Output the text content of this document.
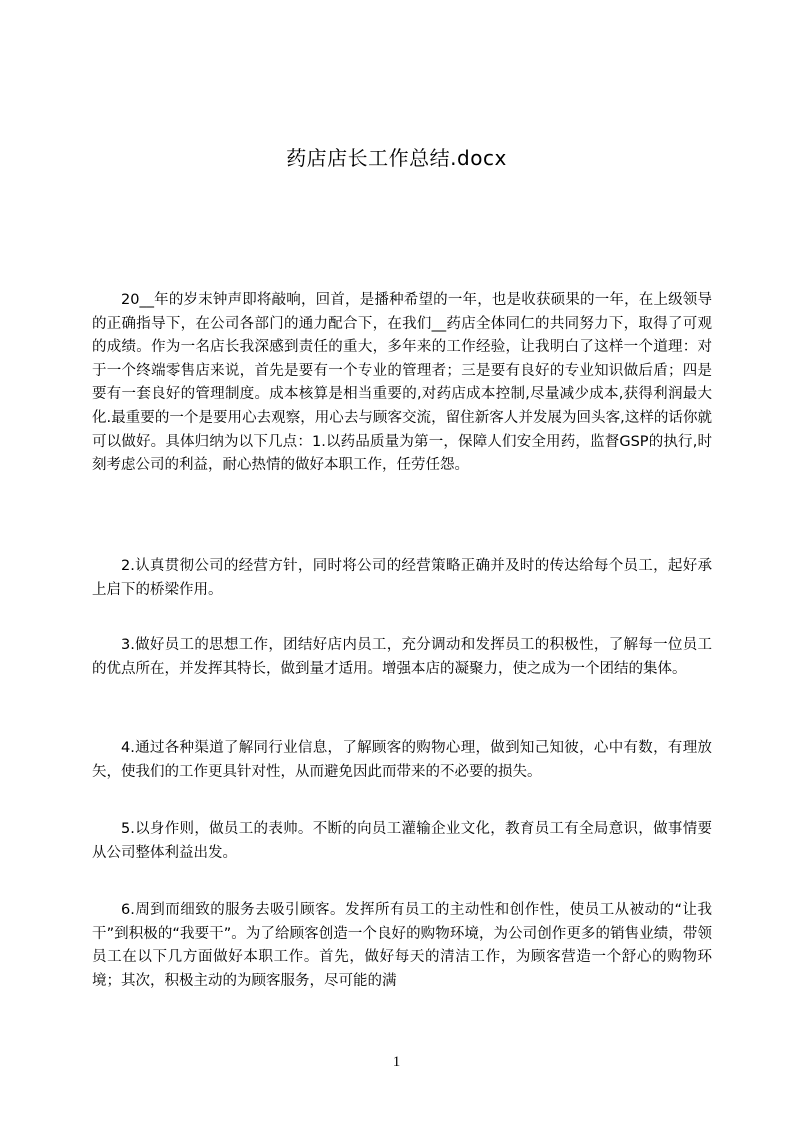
药店店长工作总结.docx

20__年的岁末钟声即将敲响，回首，是播种希望的一年，也是收获硕果的一年，在上级领导的正确指导下，在公司各部门的通力配合下，在我们__药店全体同仁的共同努力下，取得了可观的成绩。作为一名店长我深感到责任的重大，多年来的工作经验，让我明白了这样一个道理：对于一个终端零售店来说，首先是要有一个专业的管理者；三是要有良好的专业知识做后盾；四是要有一套良好的管理制度。成本核算是相当重要的,对药店成本控制,尽量减少成本,获得利润最大化.最重要的一个是要用心去观察，用心去与顾客交流，留住新客人并发展为回头客,这样的话你就可以做好。具体归纳为以下几点：1.以药品质量为第一，保障人们安全用药，监督GSP的执行,时刻考虑公司的利益，耐心热情的做好本职工作，任劳任怨。

2.认真贯彻公司的经营方针，同时将公司的经营策略正确并及时的传达给每个员工，起好承上启下的桥梁作用。

3.做好员工的思想工作，团结好店内员工，充分调动和发挥员工的积极性，了解每一位员工的优点所在，并发挥其特长，做到量才适用。增强本店的凝聚力，使之成为一个团结的集体。

4.通过各种渠道了解同行业信息，了解顾客的购物心理，做到知己知彼，心中有数，有理放矢，使我们的工作更具针对性，从而避免因此而带来的不必要的损失。

5.以身作则，做员工的表帅。不断的向员工灌输企业文化，教育员工有全局意识，做事情要从公司整体利益出发。

6.周到而细致的服务去吸引顾客。发挥所有员工的主动性和创作性，使员工从被动的“让我干”到积极的“我要干”。为了给顾客创造一个良好的购物环境，为公司创作更多的销售业绩，带领员工在以下几方面做好本职工作。首先，做好每天的清洁工作，为顾客营造一个舒心的购物环境；其次，积极主动的为顾客服务，尽可能的满

1
